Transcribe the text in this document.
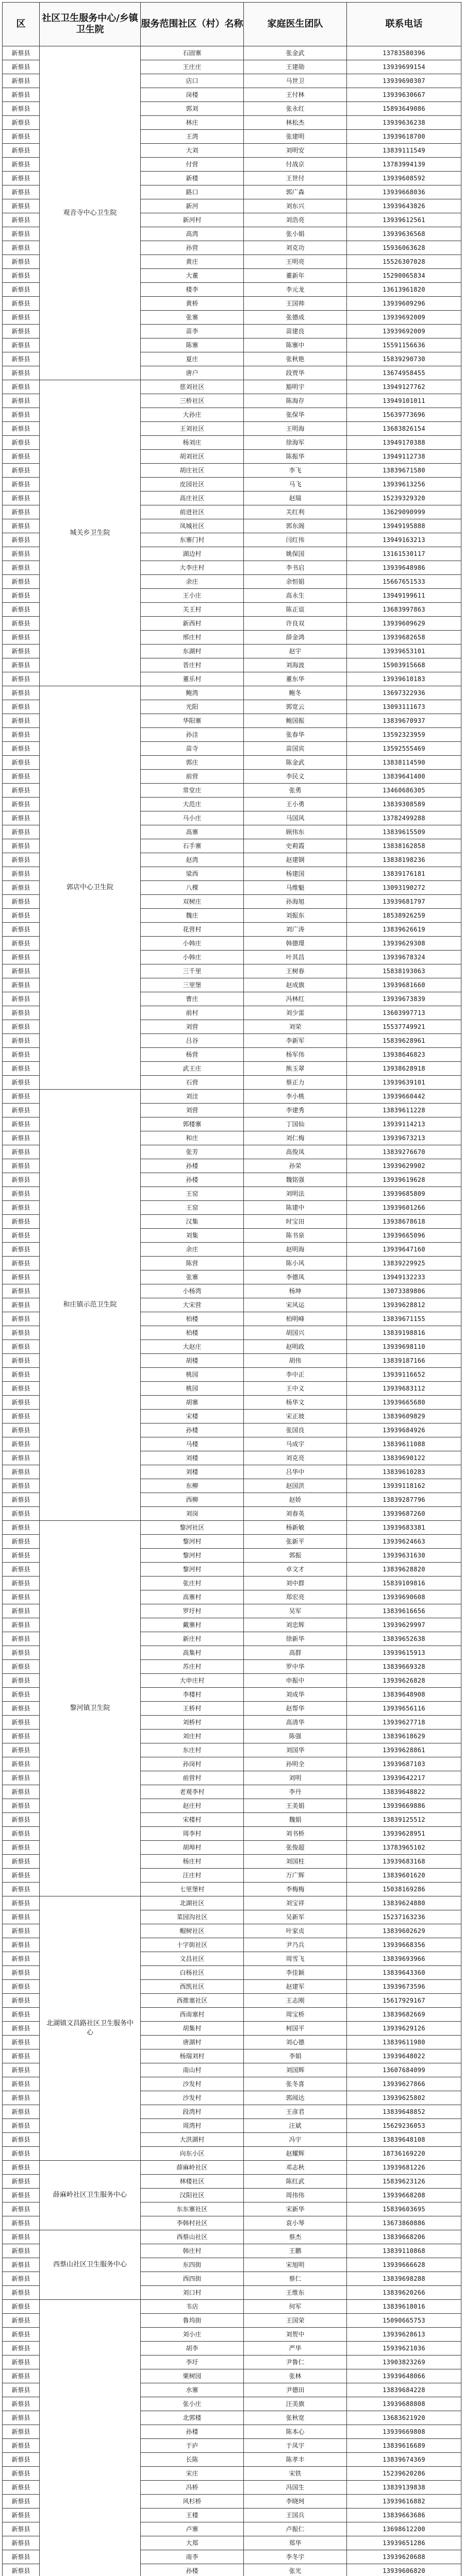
区	社区卫生服务中心/乡镇卫生院	服务范围社区（村）名称	家庭医生团队	联系电话
新蔡县	观音寺中心卫生院	石固寨	张金武	13783580396
新蔡县		王庄庄	王建勋	13939699154
新蔡县		店口	马世卫	13939690307
新蔡县		岗楼	王付林	13939630667
新蔡县		郭刘	张永红	15893649086
新蔡县		林庄	林松杰	13939636238
新蔡县		王湾	张建明	13939618700
新蔡县		大刘	刘明安	13839111549
新蔡县		付营	付战京	13783994139
新蔡县		新楼	王世付	13939608592
新蔡县		路口	郭广森	13939668036
新蔡县		新河	刘东兴	13939643826
新蔡县		新河村	刘浩亮	13939612561
新蔡县		高湾	张小娟	13939636568
新蔡县		孙营	刘克功	15936063628
新蔡县		黄庄	王明亮	15526307028
新蔡县		大董	董新年	15290065834
新蔡县		楼李	李元龙	13613961820
新蔡县		黄桥	王国帅	13939609296
新蔡县		张寨	张德成	13939692009
新蔡县		苗李	苗建良	13939692009
新蔡县		陈寨	陈寨中	15591156636
新蔡县		夏庄	张秋艳	15839290730
新蔡县		唐户	段贾华	13674958455
新蔡县	城关乡卫生院	慈刘社区	豁明宇	13949127762
新蔡县		三桥社区	陈海存	13949101011
新蔡县		大孙庄	张保华	15639773696
新蔡县		王刘社区	王明海	13683826154
新蔡县		杨刘庄	徐海军	13949170388
新蔡县		胡刘社区	陈振华	13949112738
新蔡县		胡庄社区	李飞	13839671580
新蔡县		皮园社区	马飞	13939613256
新蔡县		高庄社区	赵瑞	15239329320
新蔡县		前进社区	关红利	13629090999
新蔡县		凤城社区	郭东阁	13949195888
新蔡县		东寨门村	闫红伟	13949163213
新蔡县		湖边村	姚保国	13161530117
新蔡县		大李庄村	李书启	13939648986
新蔡县		余庄	余恒娟	15667651533
新蔡县		王小庄	高永生	13949199611
新蔡县		关王村	陈正谊	13683997863
新蔡县		新西村	许良双	13939609629
新蔡县		邢庄村	薛金鸿	13939682658
新蔡县		东湖村	赵宇	13939653101
新蔡县		晋庄村	刘海波	15903915668
新蔡县		董乐村	董东华	13939610183
新蔡县	郭店中心卫生院	鲍湾	鲍冬	13697322936
新蔡县		光阳	郭宽云	13093111673
新蔡县		华阳寨	鲍国振	13839670937
新蔡县		孙洼	张春华	13592323959
新蔡县		苗寺	苗国宾	13592555469
新蔡县		郭庄	陈金武	13838114590
新蔡县		前营	李民义	13839641400
新蔡县		常堂庄	张勇	13460686305
新蔡县		大范庄	王小勇	13839308589
新蔡县		马小庄	马国风	13782499288
新蔡县		高寨	顾伟东	13839615509
新蔡县		石手寨	史莉霞	13838162858
新蔡县		赵湾	赵建钢	13838198236
新蔡县		梁西	杨建国	13839176181
新蔡县		八棵	马维魁	13093190272
新蔡县		双树庄	孙海旭	13939681797
新蔡县		魏庄	刘振东	18538926259
新蔡县		花营村	刘广涛	13839626619
新蔡县		小韩庄	韩德璟	13939629308
新蔡县		小韩庄	叶其昌	13939678324
新蔡县		三千里	王树春	15838193063
新蔡县		三里堡	赵成旗	13939681660
新蔡县		曹庄	冯林红	13939673839
新蔡县		前村	刘少雷	13603997713
新蔡县		刘营	刘荣	15537749921
新蔡县		吕谷	李新军	15839628961
新蔡县		杨营	杨军伟	13938646823
新蔡县		武王庄	熊玉翠	13938628918
新蔡县		石营	蔡正力	13939639101
新蔡县	和庄镇示范卫生院	刘洼	李小桃	13939660442
新蔡县		刘营	李建秀	13839611228
新蔡县		郭楼寨	丁国仙	13939114213
新蔡县		和庄	刘仁梅	13939673213
新蔡县		张芳	高俊凤	13839276670
新蔡县		孙楼	孙荣	13939629902
新蔡县		孙楼	魏铭强	13939619628
新蔡县		王窑	刘明法	13939685809
新蔡县		王窑	陈建中	13939601266
新蔡县		汉集	时宝田	13938678618
新蔡县		刘集	陈书泉	13939665096
新蔡县		余庄	赵明海	13939647160
新蔡县		陈营	陈小风	13839229925
新蔡县		张寨	李德凤	13949132233
新蔡县		小杨湾	杨坤	13073389806
新蔡县		大宋营	宋风运	13939628812
新蔡县		柏楼	柏明峰	13839671155
新蔡县		柏楼	胡国兴	13839198816
新蔡县		大赵庄	赵明政	13939698110
新蔡县		胡楼	胡伟	13839187166
新蔡县		桃园	李中正	13939116652
新蔡县		桃园	王中义	13939683112
新蔡县		胡寨	杨华文	13939665680
新蔡县		宋楼	宋正坡	13839609829
新蔡县		孙楼	张国良	13939684926
新蔡县		马楼	马成宇	13839611088
新蔡县		刘楼	刘克亮	13839690122
新蔡县		刘楼	吕华中	13839610283
新蔡县		东柳	赵国洪	13939118162
新蔡县		西柳	赵娇	13839287796
新蔡县		刘岗	刘春英	13939687260
新蔡县	黎河镇卫生院	黎河社区	杨新敏	13939683381
新蔡县		黎河村	张新平	13939624663
新蔡县		黎河村	郭振	13939631630
新蔡县		黎河村	卓文才	13839628820
新蔡县		张庄村	刘中群	15839109816
新蔡县		高寨村	郑宏亮	13939690608
新蔡县		罗圩村	吴军	13839616656
新蔡县		戴寨村	刘忠辉	13939629997
新蔡县		新庄村	徐新华	13839652638
新蔡县		高集村	高群	13939615913
新蔡县		苏庄村	罗中华	13839669328
新蔡县		大申庄村	申振中	13939626828
新蔡县		李楼村	刘成华	13839648908
新蔡县		王桥村	赵帮华	13939656116
新蔡县		刘桥村	高清华	13939627718
新蔡县		刘庄村	陈强	13839618629
新蔡县		东庄村	刘国华	13939628861
新蔡县		孙岗村	孙明全	13939687103
新蔡县		前营村	刘明	13939642217
新蔡县		老观李村	李丹	13839648822
新蔡县		赵庄村	王美娟	13939669886
新蔡县		宋楼村	魏娟	13839125512
新蔡县		周李村	刘书桥	13939628951
新蔡县		胡埠村	张俊超	13783965102
新蔡县		杨庄村	刘国柱	13939683168
新蔡县		汪庄村	万广辉	13839601620
新蔡县		七里堡村	李梅梅	15038169286
新蔡县	北湖镇文昌路社区卫生服务中心	北湖社区	刘宝祥	13839624880
新蔡县		菜园沟社区	吴新军	15237163236
新蔡县		帽树社区	叶家贞	13839602629
新蔡县		十字街社区	尹乃兵	13939668356
新蔡县		文昌社区	周雪飞	13839693966
新蔡县		白杨社区	李佳颖	13839643360
新蔡县		西凯社区	赵建军	13939673596
新蔡县		西推塞社区	王志刚	15617929167
新蔡县		西南塞村	周宝桥	13839682669
新蔡县		胡集村	柯国平	13939629126
新蔡县		唐湖村	刘心德	13839611980
新蔡县		杨瑞刘村	李娟	13939648022
新蔡县		南山村	刘国辉	13607684099
新蔡县		沙发村	张冬喜	13939627866
新蔡县		沙发村	郭闻达	13939625802
新蔡县		段湾村	王彦君	13839648852
新蔡县		周湾村	汪斌	15629236053
新蔡县		大洪湖村	冯宇	13839648108
新蔡县		向东小区	赵耀辉	18736169220
新蔡县	薛麻岭社区卫生服务中心	薛麻岭社区	邓志秋	13939681226
新蔡县		林楼社区	陈红武	15839623126
新蔡县		汉阳社区	周伟伟	13939668208
新蔡县		东东寨社区	宋新华	15839603695
新蔡县		李韩村社区	袁小琴	13673860886
新蔡县	西蔡山社区卫生服务中心	西蔡山社区	蔡杰	13839668206
新蔡县		韩庄村	王鹏	13839110868
新蔡县		东四街	宋旭明	13939666628
新蔡县		西四街	蔡仁	13839698288
新蔡县		刘口村	王维东	13839620266
新蔡县		韦店	何军	13839618016
新蔡县		鲁坞街	王国荣	15090665753
新蔡县		刘小庄	刘贺中	13939628613
新蔡县		胡李	严华	15939621036
新蔡县		李圩	尹鲁仁	13903823269
新蔡县		栗树园	张林	13939648066
新蔡县		水寨	尹德田	13839684228
新蔡县		张小庄	汪美旗	13939688808
新蔡县		北郭楼	张秋宽	13683621920
新蔡县		孙楼	陈本心	13939669808
新蔡县		于庐	于凤宇	13839616689
新蔡县		长陈	陈孝丰	13839674369
新蔡县		宋庄	宋铁	15239620286
新蔡县		冯桥	冯国生	13839139838
新蔡县		风杉桥	李晓珂	13939616882
新蔡县		王楼	王国兵	13839663686
新蔡县		卢寨	卢振仁	13698612200
新蔡县		大郑	郑华	13939651286
新蔡县		南李	李冬宇	13939620688
新蔡县		孙楼	张光	13939606820
